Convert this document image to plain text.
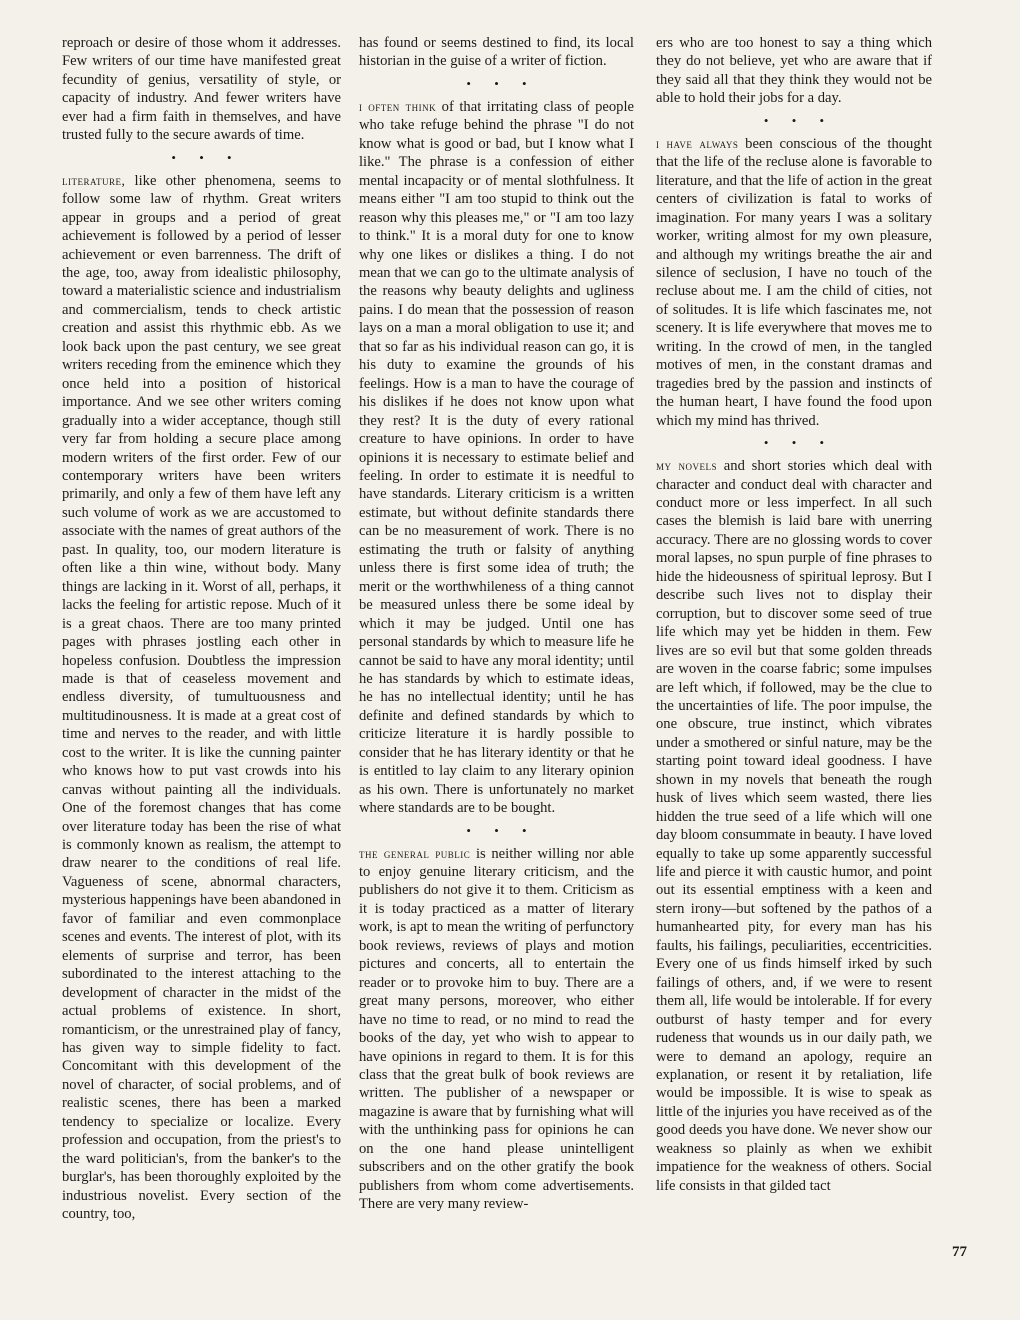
reproach or desire of those whom it addresses. Few writers of our time have manifested great fecundity of genius, versatility of style, or capacity of industry. And fewer writers have ever had a firm faith in themselves, and have trusted fully to the secure awards of time.

• • •

literature, like other phenomena, seems to follow some law of rhythm. Great writers appear in groups and a period of great achievement is followed by a period of lesser achievement or even barrenness. The drift of the age, too, away from idealistic philosophy, toward a materialistic science and industrialism and commercialism, tends to check artistic creation and assist this rhythmic ebb. As we look back upon the past century, we see great writers receding from the eminence which they once held into a position of historical importance. And we see other writers coming gradually into a wider acceptance, though still very far from holding a secure place among modern writers of the first order. Few of our contemporary writers have been writers primarily, and only a few of them have left any such volume of work as we are accustomed to associate with the names of great authors of the past. In quality, too, our modern literature is often like a thin wine, without body. Many things are lacking in it. Worst of all, perhaps, it lacks the feeling for artistic repose. Much of it is a great chaos. There are too many printed pages with phrases jostling each other in hopeless confusion. Doubtless the impression made is that of ceaseless movement and endless diversity, of tumultuousness and multitudinousness. It is made at a great cost of time and nerves to the reader, and with little cost to the writer. It is like the cunning painter who knows how to put vast crowds into his canvas without painting all the individuals. One of the foremost changes that has come over literature today has been the rise of what is commonly known as realism, the attempt to draw nearer to the conditions of real life. Vagueness of scene, abnormal characters, mysterious happenings have been abandoned in favor of familiar and even commonplace scenes and events. The interest of plot, with its elements of surprise and terror, has been subordinated to the interest attaching to the development of character in the midst of the actual problems of existence. In short, romanticism, or the unrestrained play of fancy, has given way to simple fidelity to fact. Concomitant with this development of the novel of character, of social problems, and of realistic scenes, there has been a marked tendency to specialize or localize. Every profession and occupation, from the priest's to the ward politician's, from the banker's to the burglar's, has been thoroughly exploited by the industrious novelist. Every section of the country, too,

has found or seems destined to find, its local historian in the guise of a writer of fiction.

• • •

i often think of that irritating class of people who take refuge behind the phrase "I do not know what is good or bad, but I know what I like." The phrase is a confession of either mental incapacity or of mental slothfulness. It means either "I am too stupid to think out the reason why this pleases me," or "I am too lazy to think." It is a moral duty for one to know why one likes or dislikes a thing. I do not mean that we can go to the ultimate analysis of the reasons why beauty delights and ugliness pains. I do mean that the possession of reason lays on a man a moral obligation to use it; and that so far as his individual reason can go, it is his duty to examine the grounds of his feelings. How is a man to have the courage of his dislikes if he does not know upon what they rest? It is the duty of every rational creature to have opinions. In order to have opinions it is necessary to estimate belief and feeling. In order to estimate it is needful to have standards. Literary criticism is a written estimate, but without definite standards there can be no measurement of work. There is no estimating the truth or falsity of anything unless there is first some idea of truth; the merit or the worthwhileness of a thing cannot be measured unless there be some ideal by which it may be judged. Until one has personal standards by which to measure life he cannot be said to have any moral identity; until he has standards by which to estimate ideas, he has no intellectual identity; until he has definite and defined standards by which to criticize literature it is hardly possible to consider that he has literary identity or that he is entitled to lay claim to any literary opinion as his own. There is unfortunately no market where standards are to be bought.

• • •

the general public is neither willing nor able to enjoy genuine literary criticism, and the publishers do not give it to them. Criticism as it is today practiced as a matter of literary work, is apt to mean the writing of perfunctory book reviews, reviews of plays and motion pictures and concerts, all to entertain the reader or to provoke him to buy. There are a great many persons, moreover, who either have no time to read, or no mind to read the books of the day, yet who wish to appear to have opinions in regard to them. It is for this class that the great bulk of book reviews are written. The publisher of a newspaper or magazine is aware that by furnishing what will with the unthinking pass for opinions he can on the one hand please unintelligent subscribers and on the other gratify the book publishers from whom come advertisements. There are very many review-

ers who are too honest to say a thing which they do not believe, yet who are aware that if they said all that they think they would not be able to hold their jobs for a day.

• • •

i have always been conscious of the thought that the life of the recluse alone is favorable to literature, and that the life of action in the great centers of civilization is fatal to works of imagination. For many years I was a solitary worker, writing almost for my own pleasure, and although my writings breathe the air and silence of seclusion, I have no touch of the recluse about me. I am the child of cities, not of solitudes. It is life which fascinates me, not scenery. It is life everywhere that moves me to writing. In the crowd of men, in the tangled motives of men, in the constant dramas and tragedies bred by the passion and instincts of the human heart, I have found the food upon which my mind has thrived.

• • •

my novels and short stories which deal with character and conduct deal with character and conduct more or less imperfect. In all such cases the blemish is laid bare with unerring accuracy. There are no glossing words to cover moral lapses, no spun purple of fine phrases to hide the hideousness of spiritual leprosy. But I describe such lives not to display their corruption, but to discover some seed of true life which may yet be hidden in them. Few lives are so evil but that some golden threads are woven in the coarse fabric; some impulses are left which, if followed, may be the clue to the uncertainties of life. The poor impulse, the one obscure, true instinct, which vibrates under a smothered or sinful nature, may be the starting point toward ideal goodness. I have shown in my novels that beneath the rough husk of lives which seem wasted, there lies hidden the true seed of a life which will one day bloom consummate in beauty. I have loved equally to take up some apparently successful life and pierce it with caustic humor, and point out its essential emptiness with a keen and stern irony—but softened by the pathos of a humanhearted pity, for every man has his faults, his failings, peculiarities, eccentricities. Every one of us finds himself irked by such failings of others, and, if we were to resent them all, life would be intolerable. If for every outburst of hasty temper and for every rudeness that wounds us in our daily path, we were to demand an apology, require an explanation, or resent it by retaliation, life would be impossible. It is wise to speak as little of the injuries you have received as of the good deeds you have done. We never show our weakness so plainly as when we exhibit impatience for the weakness of others. Social life consists in that gilded tact

77
